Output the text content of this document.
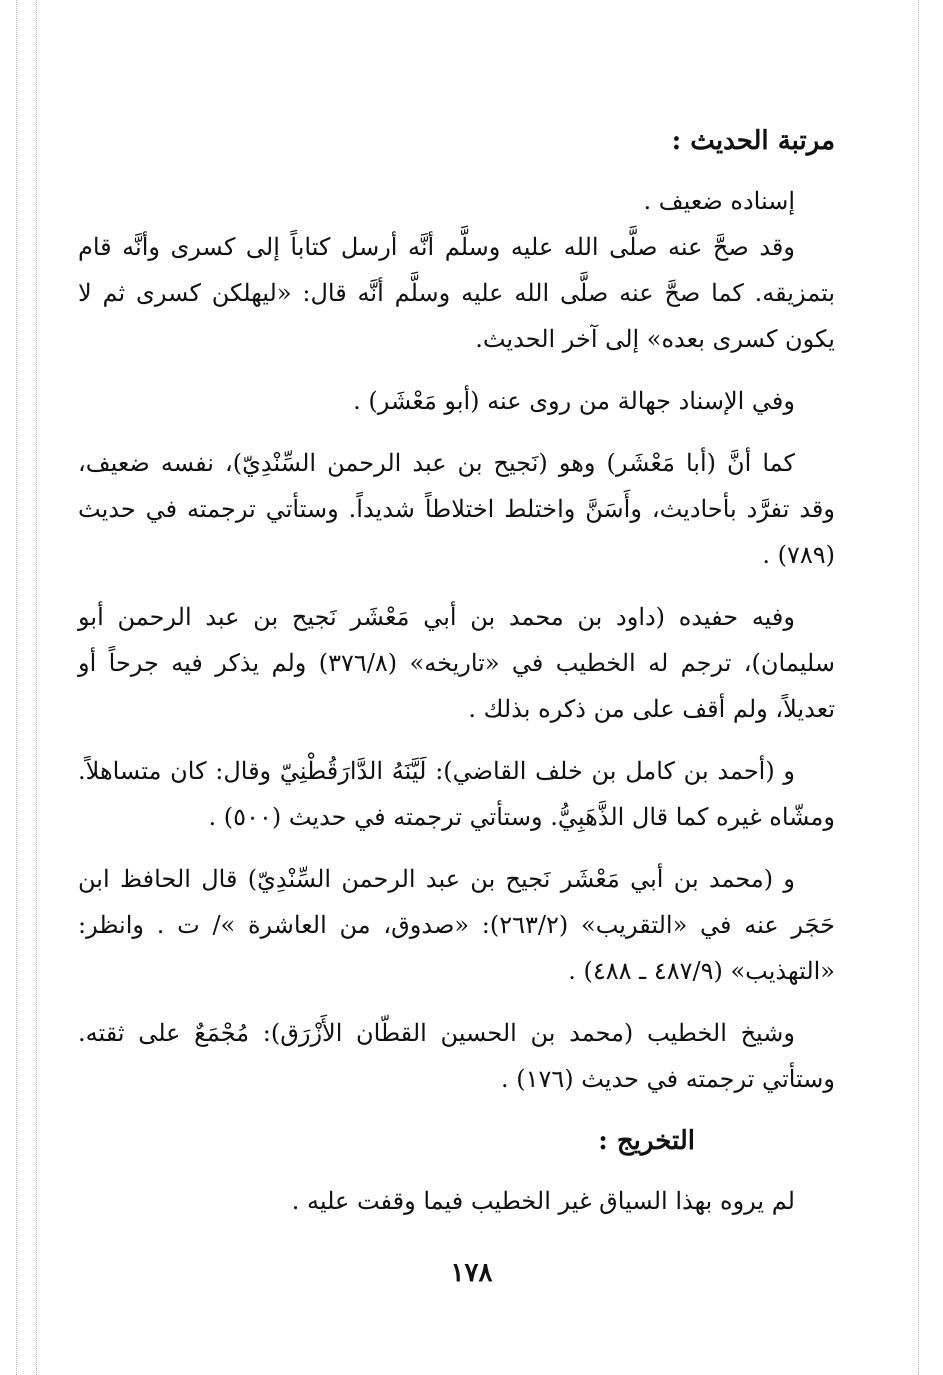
مرتبة الحديث :

إسناده ضعيف .

وقد صحَّ عنه صلَّى الله عليه وسلَّم أنَّه أرسل كتاباً إلى كسرى وأنَّه قام بتمزيقه. كما صحَّ عنه صلَّى الله عليه وسلَّم أنَّه قال: «ليهلكن كسرى ثم لا يكون كسرى بعده» إلى آخر الحديث.

وفي الإسناد جهالة من روى عنه (أبو مَعْشَر) .

كما أنَّ (أبا مَعْشَر) وهو (نَجيح بن عبد الرحمن السِّنْدِيّ)، نفسه ضعيف، وقد تفرَّد بأحاديث، وأَسَنَّ واختلط اختلاطاً شديداً. وستأتي ترجمته في حديث (٧٨٩) .

وفيه حفيده (داود بن محمد بن أبي مَعْشَر نَجيح بن عبد الرحمن أبو سليمان)، ترجم له الخطيب في «تاريخه» (٣٧٦/٨) ولم يذكر فيه جرحاً أو تعديلاً، ولم أقف على من ذكره بذلك .

و (أحمد بن كامل بن خلف القاضي): لَيَّنَهُ الدَّارَقُطْنِيّ وقال: كان متساهلاً. ومشّاه غيره كما قال الذَّهَبِيُّ. وستأتي ترجمته في حديث (٥٠٠) .

و (محمد بن أبي مَعْشَر نَجيح بن عبد الرحمن السِّنْدِيّ) قال الحافظ ابن حَجَر عنه في «التقريب» (٢٦٣/٢): «صدوق، من العاشرة »/ ت . وانظر: «التهذيب» (٤٨٧/٩ ـ ٤٨٨) .

وشيخ الخطيب (محمد بن الحسين القطّان الأَزْرَق): مُجْمَعٌ على ثقته. وستأتي ترجمته في حديث (١٧٦) .

التخريج :

لم يروه بهذا السياق غير الخطيب فيما وقفت عليه .

١٧٨
